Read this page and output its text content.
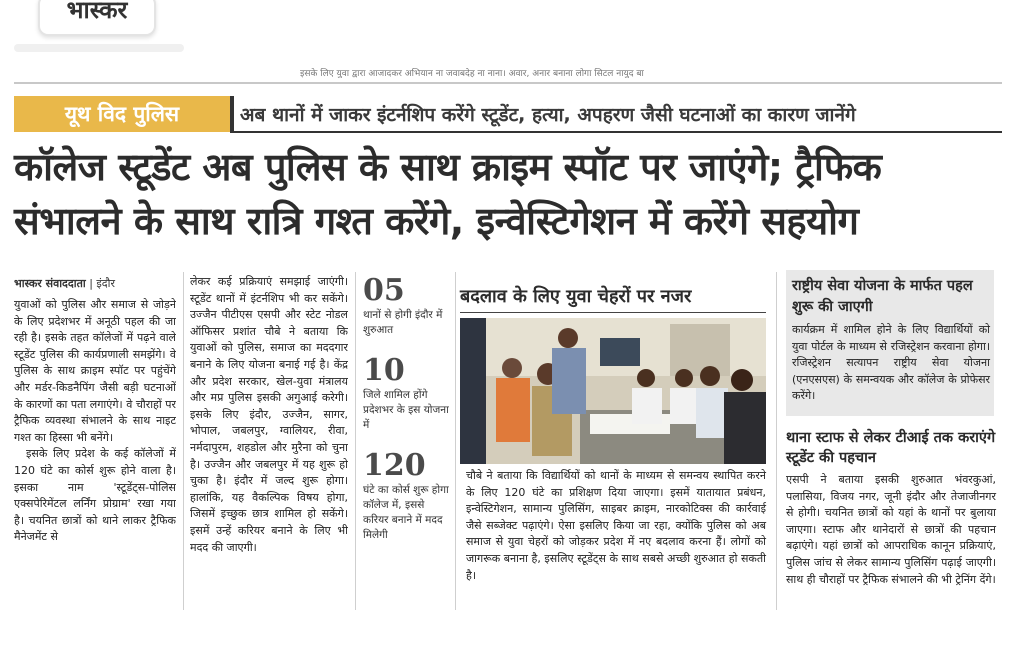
भास्कर
इसके लिए युवा द्वारा आजादकर अभियान ना जवाबदेह ना नाना। अवार, अनार बनाना लोगा सिटल नायुद बा
यूथ विद पुलिस	अब थानों में जाकर इंटर्नशिप करेंगे स्टूडेंट, हत्या, अपहरण जैसी घटनाओं का कारण जानेंगे
कॉलेज स्टूडेंट अब पुलिस के साथ क्राइम स्पॉट पर जाएंगे; ट्रैफिक
संभालने के साथ रात्रि गश्त करेंगे, इन्वेस्टिगेशन में करेंगे सहयोग
भास्कर संवाददाता | इंदौर

युवाओं को पुलिस और समाज से जोड़ने के लिए प्रदेशभर में अनूठी पहल की जा रही है। इसके तहत कॉलेजों में पढ़ने वाले स्टूडेंट पुलिस की कार्यप्रणाली समझेंगे। वे पुलिस के साथ क्राइम स्पॉट पर पहुंचेंगे और मर्डर-किडनैपिंग जैसी बड़ी घटनाओं के कारणों का पता लगाएंगे। वे चौराहों पर ट्रैफिक व्यवस्था संभालने के साथ नाइट गश्त का हिस्सा भी बनेंगे।

इसके लिए प्रदेश के कई कॉलेजों में 120 घंटे का कोर्स शुरू होने वाला है। इसका नाम 'स्टूडेंट्स-पोलिस एक्सपेरिमेंटल लर्निंग प्रोग्राम' रखा गया है। चयनित छात्रों को थाने लाकर ट्रैफिक मैनेजमेंट से

लेकर कई प्रक्रियाएं समझाई जाएंगी। स्टूडेंट थानों में इंटर्नशिप भी कर सकेंगे। उज्जैन पीटीएस एसपी और स्टेट नोडल ऑफिसर प्रशांत चौबे ने बताया कि युवाओं को पुलिस, समाज का मददगार बनाने के लिए योजना बनाई गई है। केंद्र और प्रदेश सरकार, खेल-युवा मंत्रालय और मप्र पुलिस इसकी अगुआई करेगी। इसके लिए इंदौर, उज्जैन, सागर, भोपाल, जबलपुर, ग्वालियर, रीवा, नर्मदापुरम, शहडोल और मुरैना को चुना है। उज्जैन और जबलपुर में यह शुरू हो चुका है। इंदौर में जल्द शुरू होगा। हालांकि, यह वैकल्पिक विषय होगा, जिसमें इच्छुक छात्र शामिल हो सकेंगे। इसमें उन्हें करियर बनाने के लिए भी मदद की जाएगी।

05
थानों से होगी इंदौर में शुरुआत
10
जिले शामिल होंगे प्रदेशभर के इस योजना में
120
घंटे का कोर्स शुरू होगा कॉलेज में, इससे करियर बनाने में मदद मिलेगी
बदलाव के लिए युवा चेहरों पर नजर
चौबे ने बताया कि विद्यार्थियों को थानों के माध्यम से समन्वय स्थापित करने के लिए 120 घंटे का प्रशिक्षण दिया जाएगा। इसमें यातायात प्रबंधन, इन्वेस्टिगेशन, सामान्य पुलिसिंग, साइबर क्राइम, नारकोटिक्स की कार्रवाई जैसे सब्जेक्ट पढ़ाएंगे। ऐसा इसलिए किया जा रहा, क्योंकि पुलिस को अब समाज से युवा चेहरों को जोड़कर प्रदेश में नए बदलाव करना हैं। लोगों को जागरूक बनाना है, इसलिए स्टूडेंट्स के साथ सबसे अच्छी शुरुआत हो सकती है।
राष्ट्रीय सेवा योजना के मार्फत पहल शुरू की जाएगी
कार्यक्रम में शामिल होने के लिए विद्यार्थियों को युवा पोर्टल के माध्यम से रजिस्ट्रेशन करवाना होगा। रजिस्ट्रेशन सत्यापन राष्ट्रीय सेवा योजना (एनएसएस) के समन्वयक और कॉलेज के प्रोफेसर करेंगे।
थाना स्टाफ से लेकर टीआई तक कराएंगे स्टूडेंट की पहचान
एसपी ने बताया इसकी शुरुआत भंवरकुआं, पलासिया, विजय नगर, जूनी इंदौर और तेजाजीनगर से होगी। चयनित छात्रों को यहां के थानों पर बुलाया जाएगा। स्टाफ और थानेदारों से छात्रों की पहचान बढ़ाएंगे। यहां छात्रों को आपराधिक कानून प्रक्रियाएं, पुलिस जांच से लेकर सामान्य पुलिसिंग पढ़ाई जाएगी। साथ ही चौराहों पर ट्रैफिक संभालने की भी ट्रेनिंग देंगे।
